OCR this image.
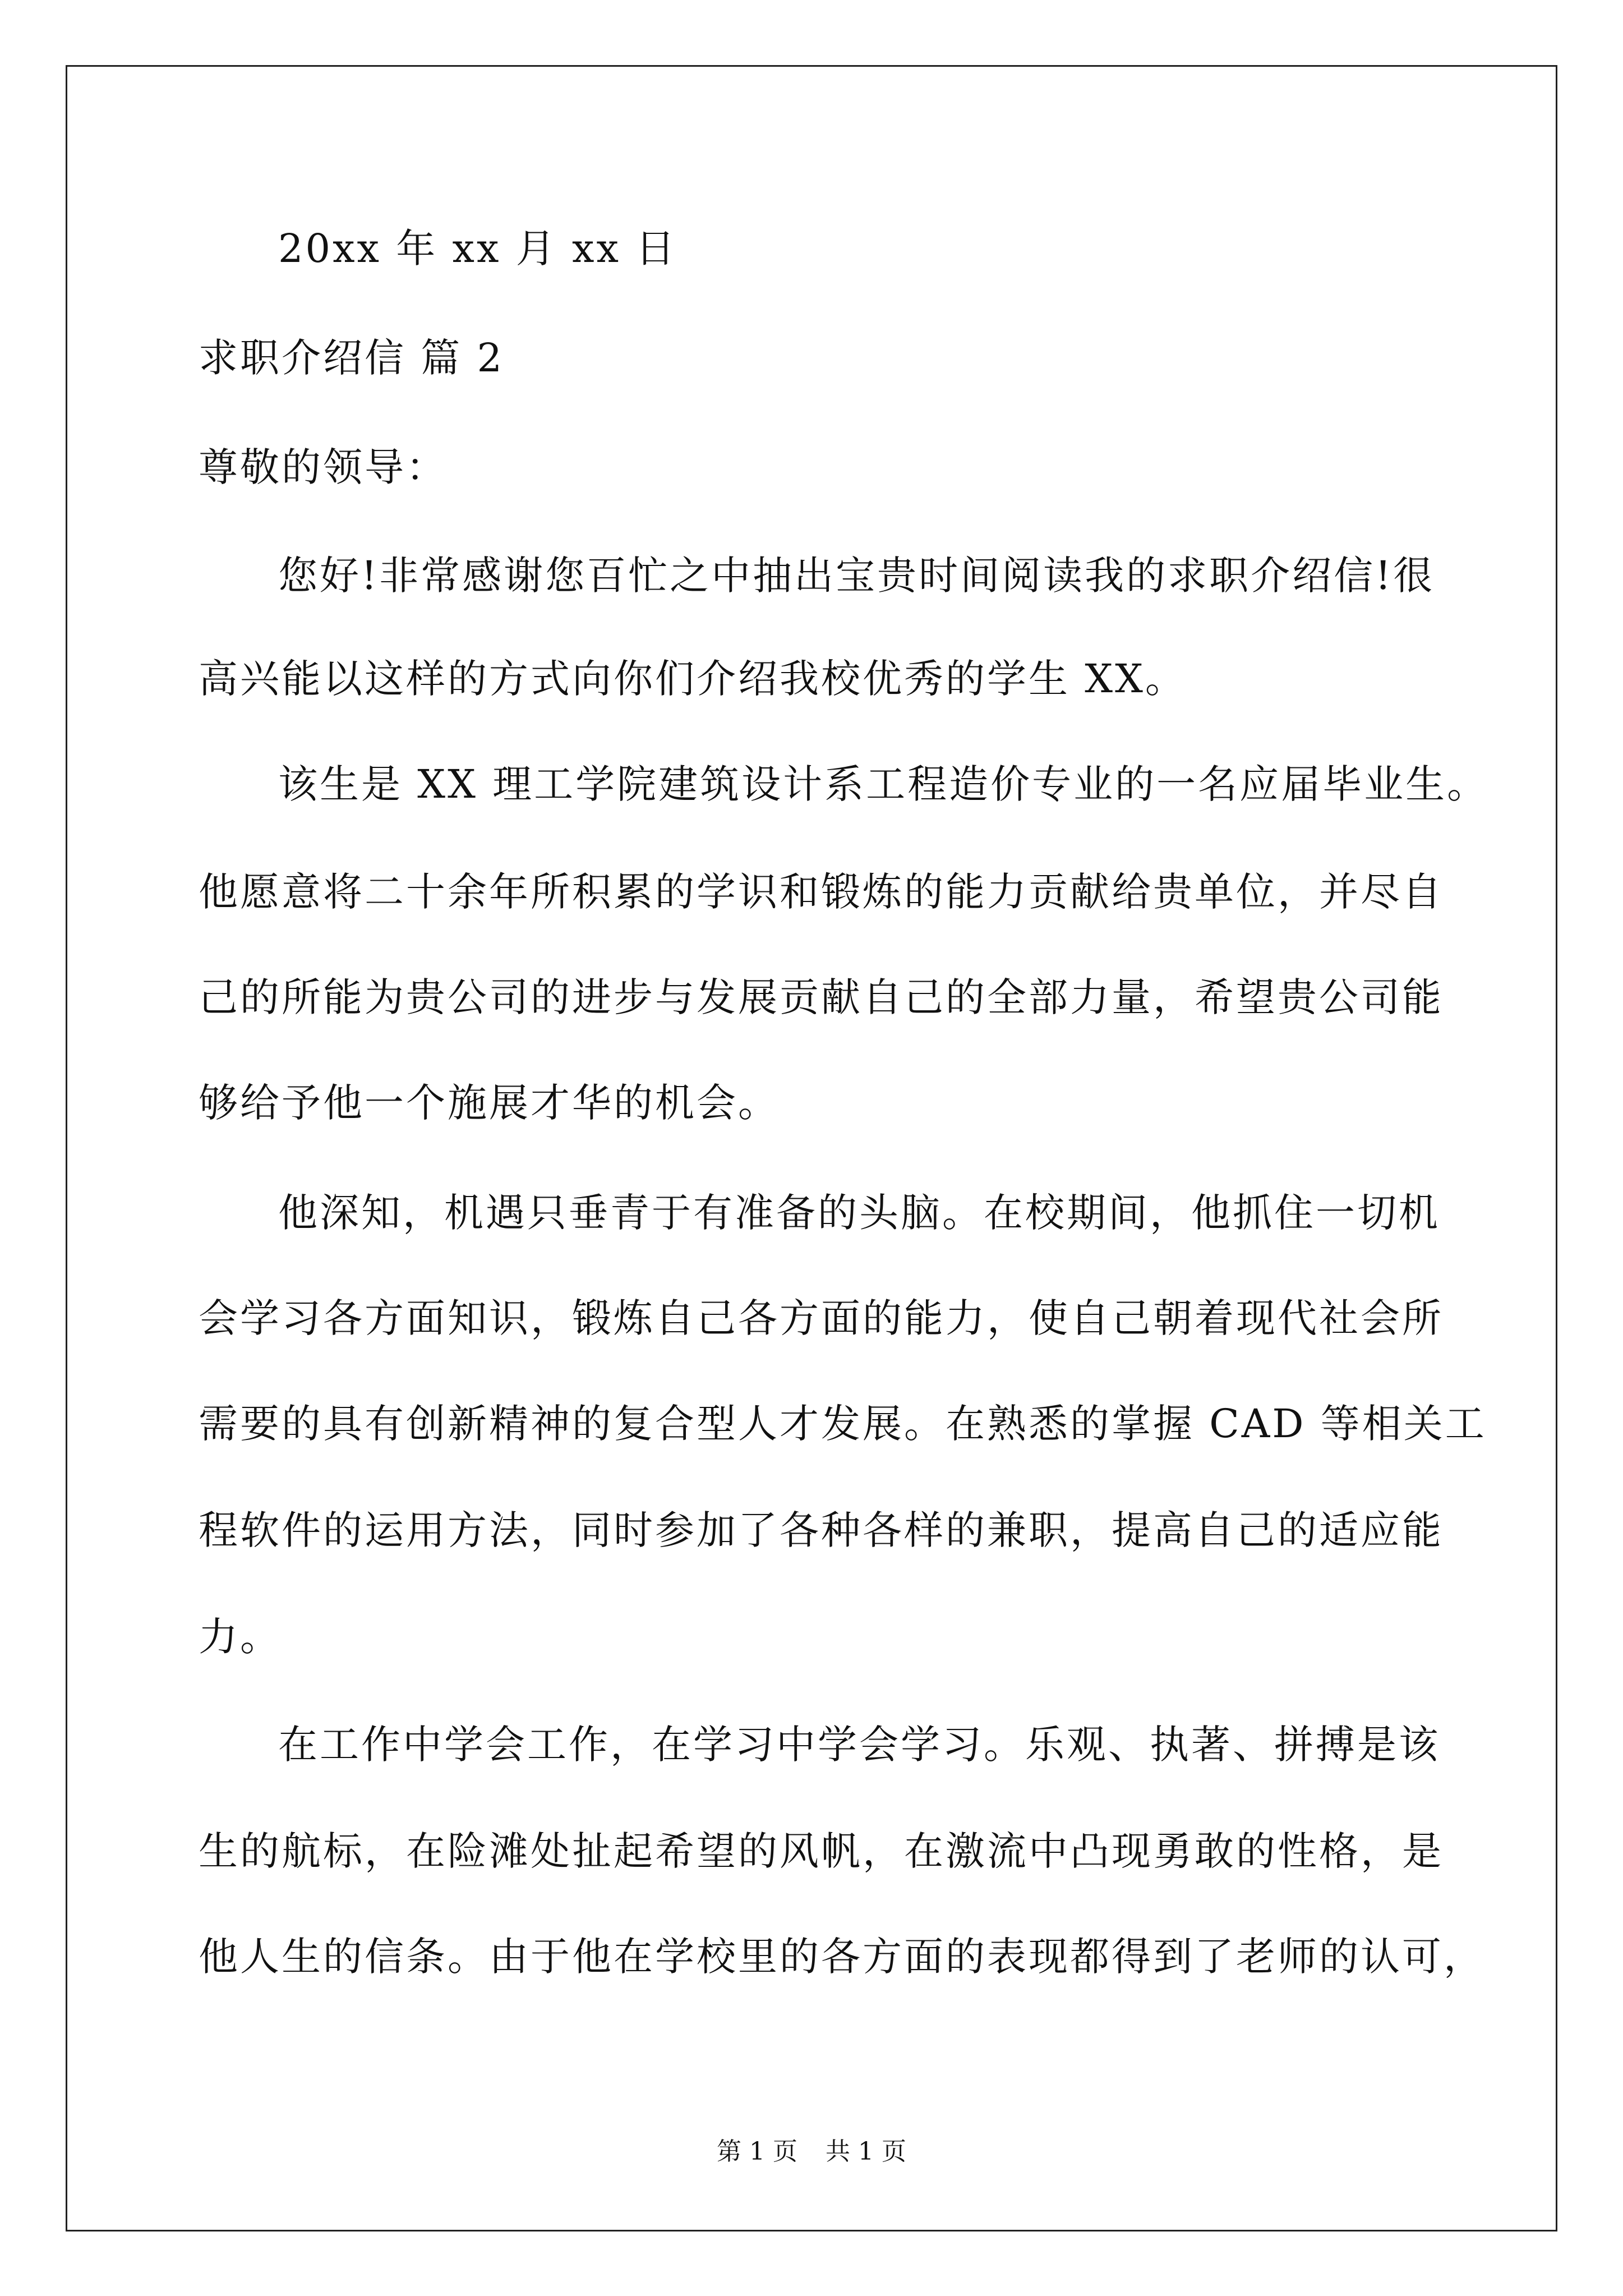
20xx 年 xx 月 xx 日
求职介绍信 篇 2
尊敬的领导：
您好!非常感谢您百忙之中抽出宝贵时间阅读我的求职介绍信!很
高兴能以这样的方式向你们介绍我校优秀的学生 XX。
该生是 XX 理工学院建筑设计系工程造价专业的一名应届毕业生。
他愿意将二十余年所积累的学识和锻炼的能力贡献给贵单位，并尽自
己的所能为贵公司的进步与发展贡献自己的全部力量，希望贵公司能
够给予他一个施展才华的机会。
他深知，机遇只垂青于有准备的头脑。在校期间，他抓住一切机
会学习各方面知识，锻炼自己各方面的能力，使自己朝着现代社会所
需要的具有创新精神的复合型人才发展。在熟悉的掌握 CAD 等相关工
程软件的运用方法，同时参加了各种各样的兼职，提高自己的适应能
力。
在工作中学会工作，在学习中学会学习。乐观、执著、拼搏是该
生的航标，在险滩处扯起希望的风帆，在激流中凸现勇敢的性格，是
他人生的信条。由于他在学校里的各方面的表现都得到了老师的认可，
第 1 页 共 1 页
